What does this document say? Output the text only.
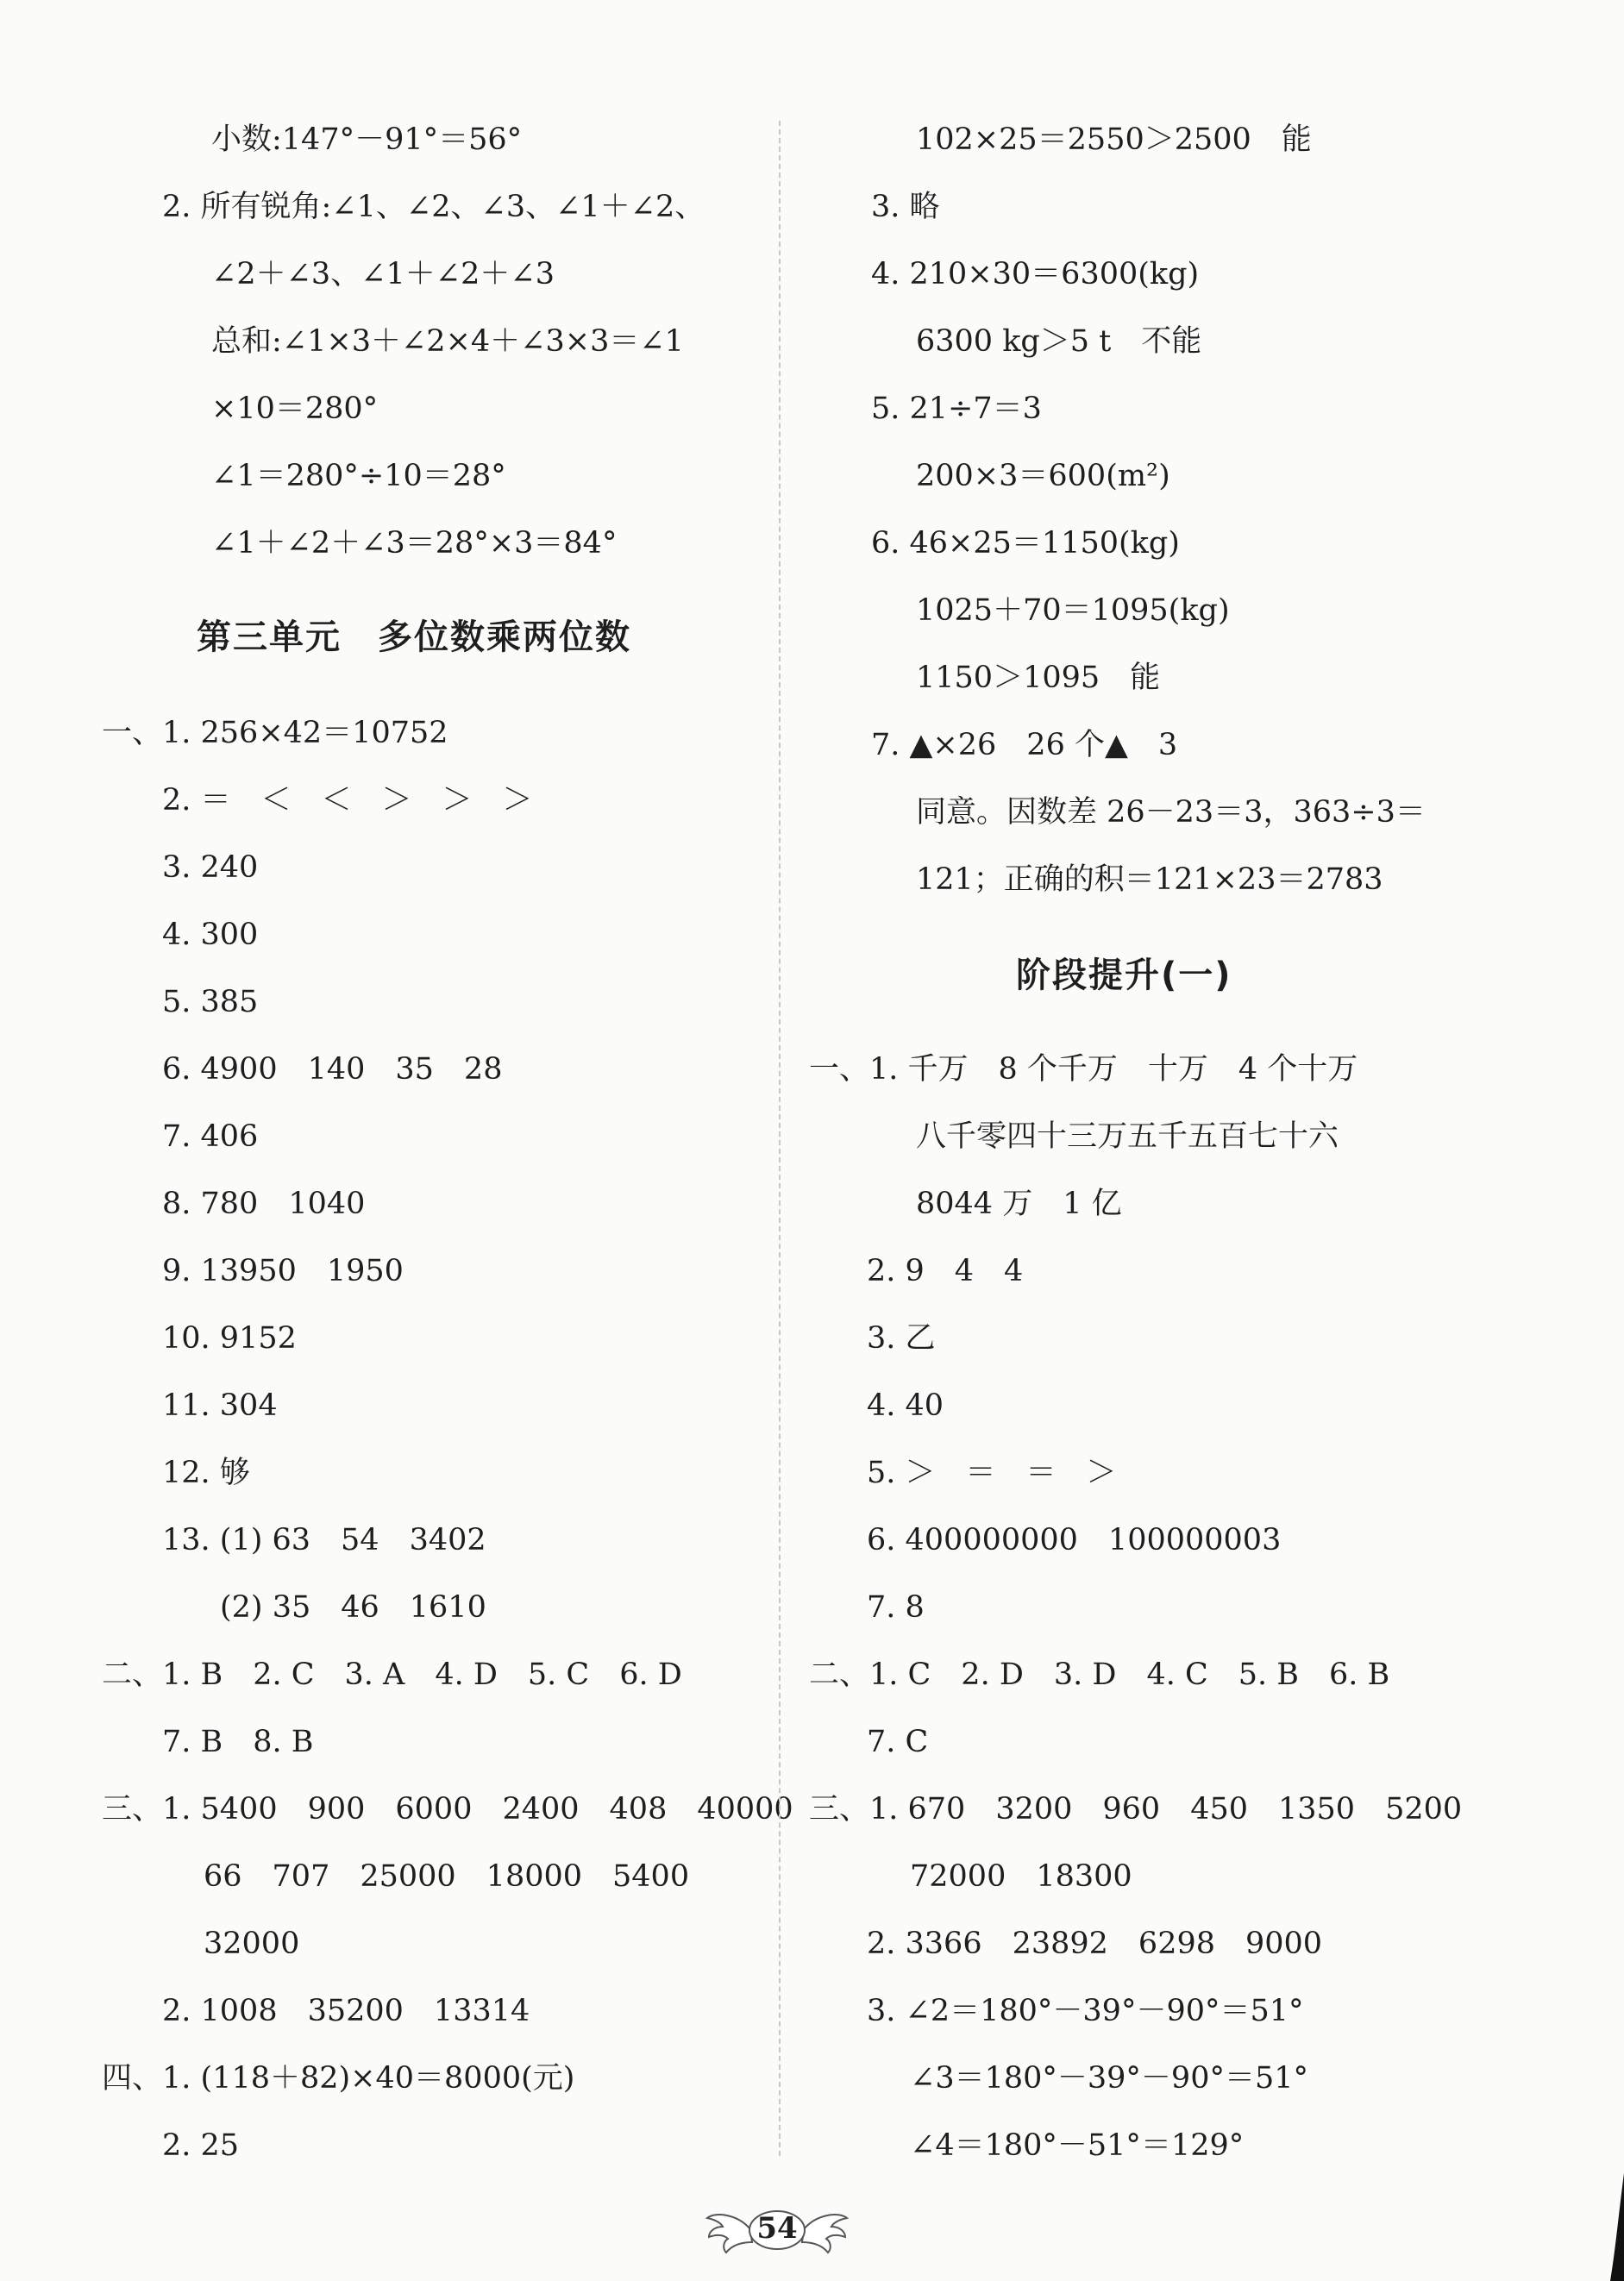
小数:147°－91°＝56°
2. 所有锐角:∠1、∠2、∠3、∠1＋∠2、
∠2＋∠3、∠1＋∠2＋∠3
总和:∠1×3＋∠2×4＋∠3×3＝∠1
×10＝280°
∠1＝280°÷10＝28°
∠1＋∠2＋∠3＝28°×3＝84°
第三单元　多位数乘两位数
一、1. 256×42＝10752
2. ＝　＜　＜　＞　＞　＞
3. 240
4. 300
5. 385
6. 4900　140　35　28
7. 406
8. 780　1040
9. 13950　1950
10. 9152
11. 304
12. 够
13. (1) 63　54　3402
(2) 35　46　1610
二、1. B　2. C　3. A　4. D　5. C　6. D
7. B　8. B
三、1. 5400　900　6000　2400　408　40000
66　707　25000　18000　5400
32000
2. 1008　35200　13314
四、1. (118＋82)×40＝8000(元)
2. 25
102×25＝2550＞2500　能
3. 略
4. 210×30＝6300(kg)
6300 kg＞5 t　不能
5. 21÷7＝3
200×3＝600(m²)
6. 46×25＝1150(kg)
1025＋70＝1095(kg)
1150＞1095　能
7. ▲×26　26 个▲　3
同意。因数差 26－23＝3，363÷3＝
121；正确的积＝121×23＝2783
阶段提升(一)
一、1. 千万　8 个千万　十万　4 个十万
八千零四十三万五千五百七十六
8044 万　1 亿
2. 9　4　4
3. 乙
4. 40
5. ＞　＝　＝　＞
6. 400000000　100000003
7. 8
二、1. C　2. D　3. D　4. C　5. B　6. B
7. C
三、1. 670　3200　960　450　1350　5200
72000　18300
2. 3366　23892　6298　9000
3. ∠2＝180°－39°－90°＝51°
∠3＝180°－39°－90°＝51°
∠4＝180°－51°＝129°
54
